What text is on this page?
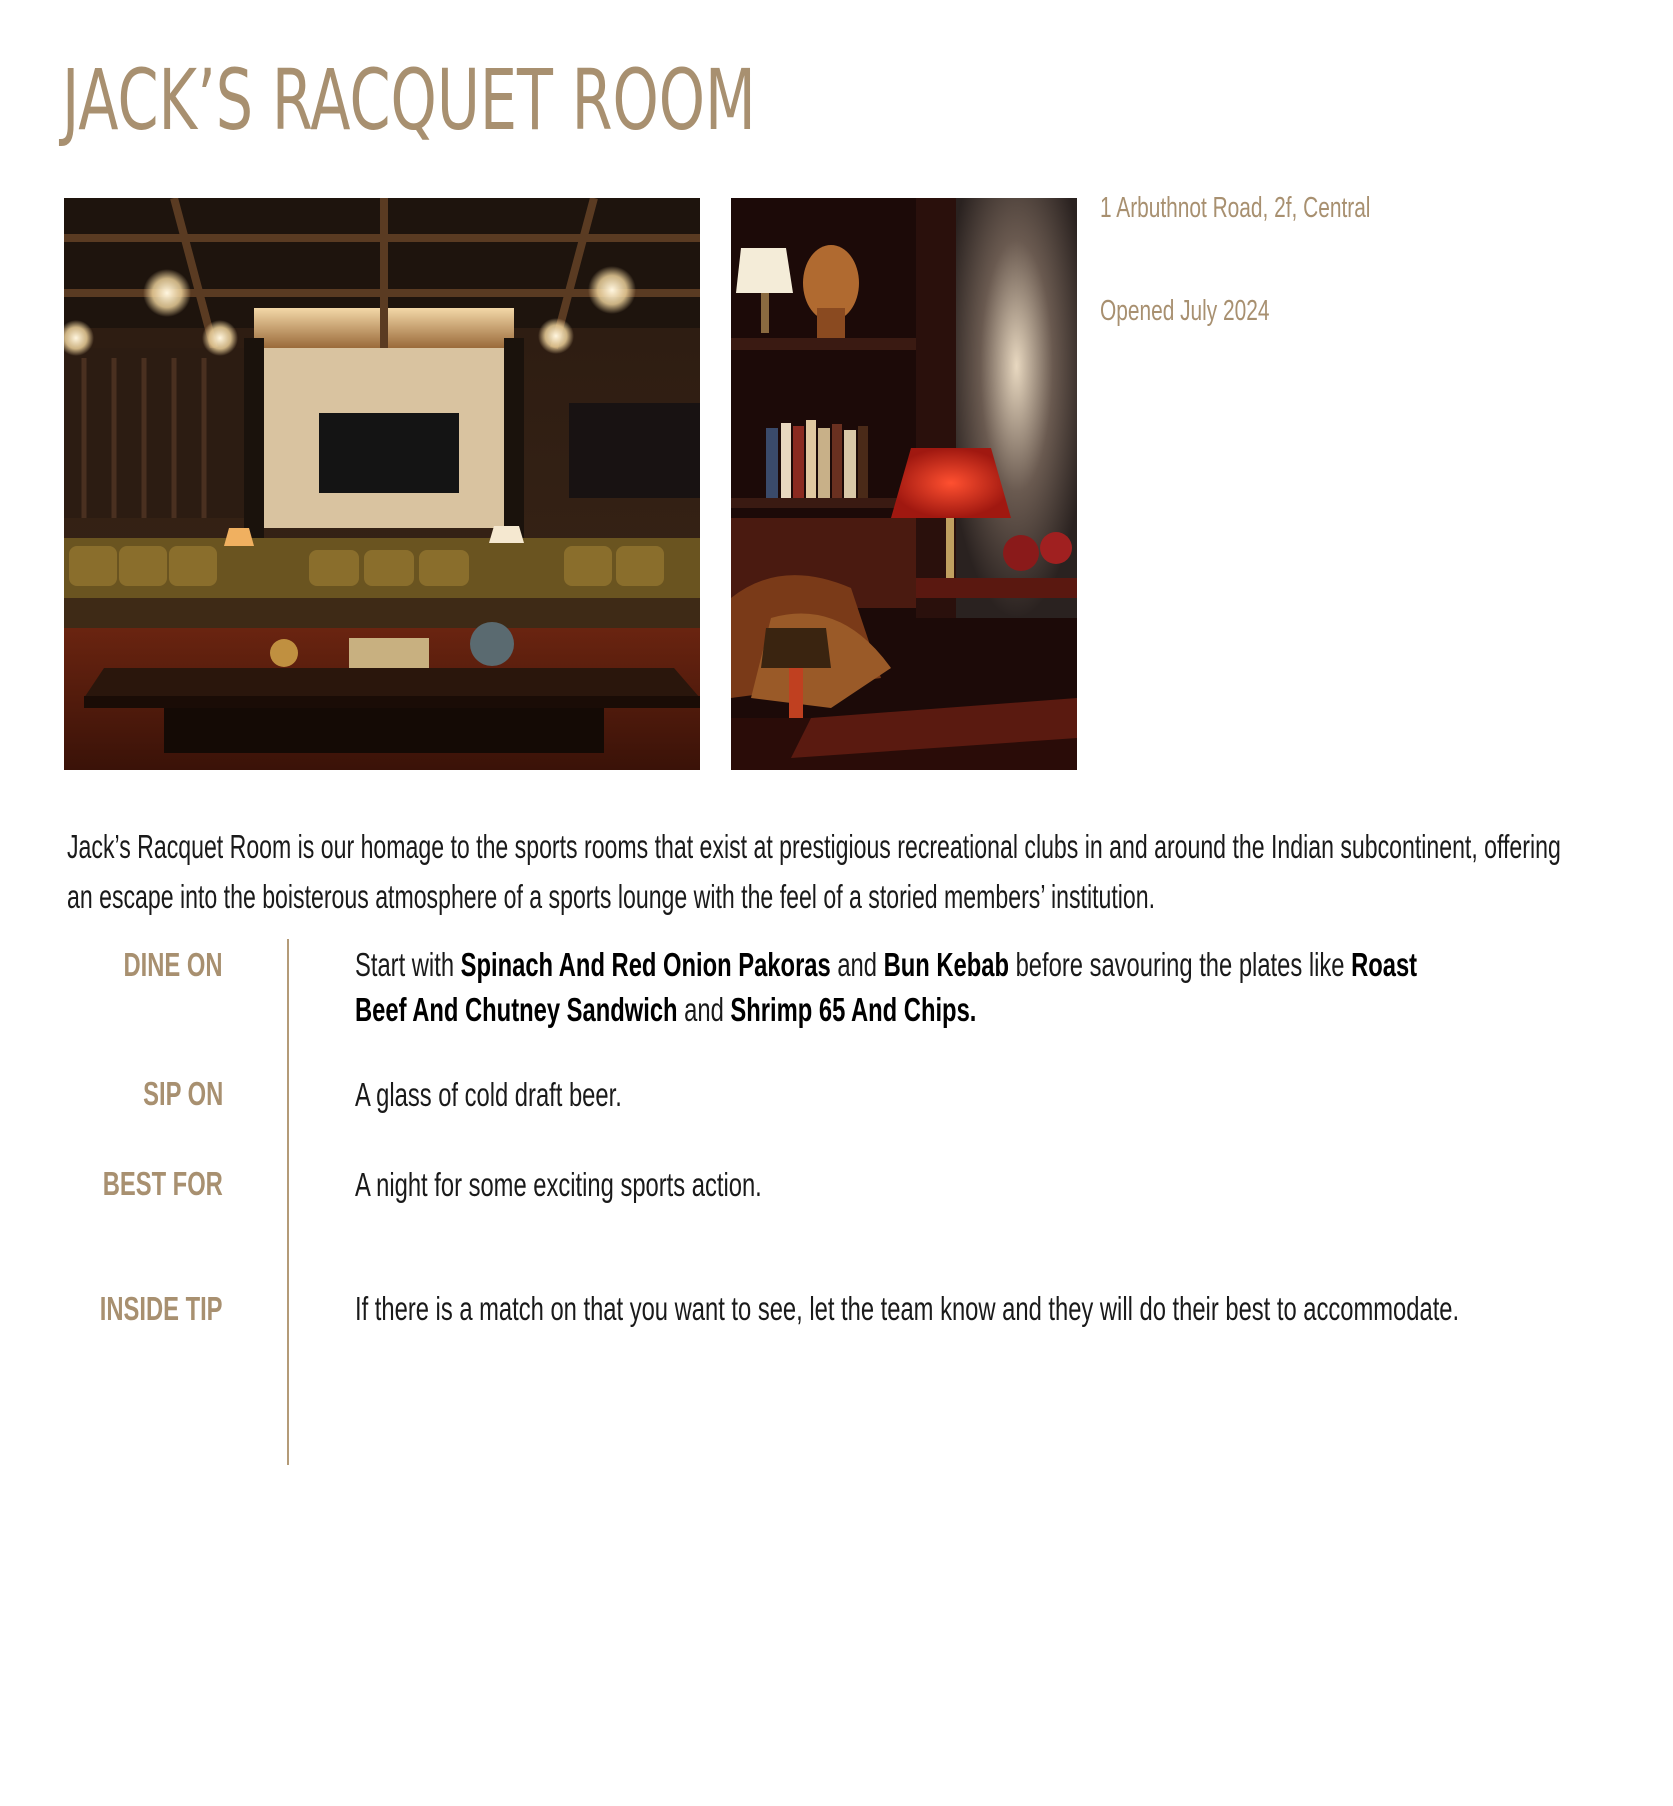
JACK’S RACQUET ROOM

1 Arbuthnot Road, 2f, Central

Opened July 2024

Jack’s Racquet Room is our homage to the sports rooms that exist at prestigious recreational clubs in and around the Indian subcontinent, offering an escape into the boisterous atmosphere of a sports lounge with the feel of a storied members’ institution.

DINE ON	Start with Spinach And Red Onion Pakoras and Bun Kebab before savouring the plates like Roast Beef And Chutney Sandwich and Shrimp 65 And Chips.

SIP ON	A glass of cold draft beer.

BEST FOR	A night for some exciting sports action.

INSIDE TIP	If there is a match on that you want to see, let the team know and they will do their best to accommodate.
